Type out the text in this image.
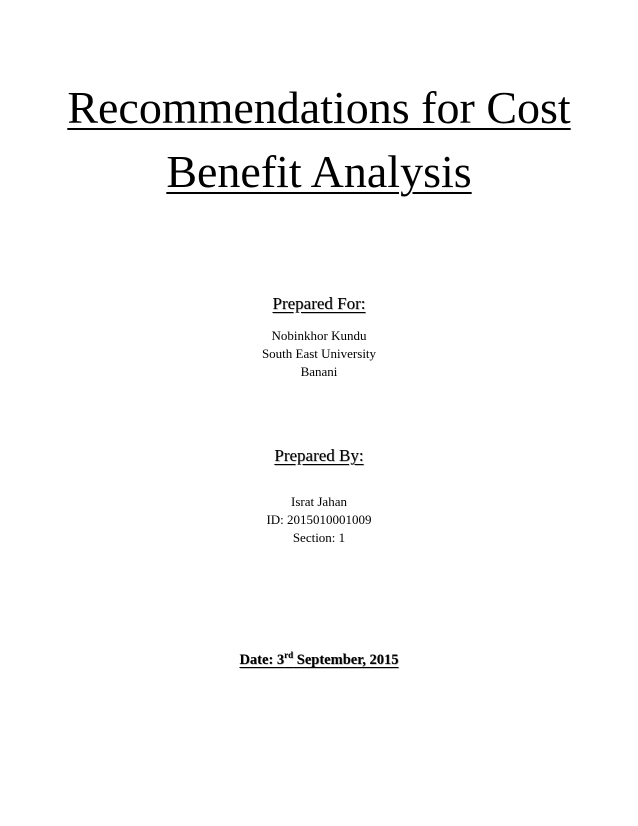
Recommendations for Cost
Benefit Analysis
Prepared For:
Nobinkhor Kundu
South East University
Banani
Prepared By:
Israt Jahan
ID: 2015010001009
Section: 1
Date: 3rd September, 2015
